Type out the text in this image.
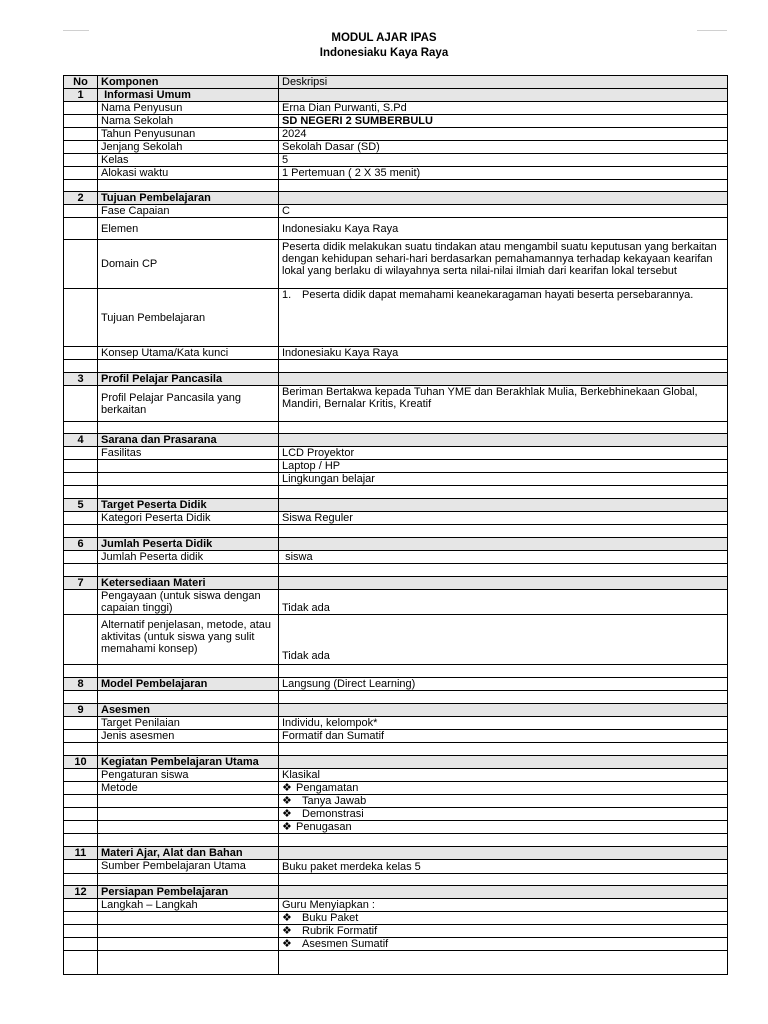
MODUL AJAR IPAS
Indonesiaku Kaya Raya
No	Komponen	Deskripsi
1	Informasi Umum	
	Nama Penyusun	Erna Dian Purwanti, S.Pd
	Nama Sekolah	SD NEGERI 2 SUMBERBULU
	Tahun Penyusunan	2024
	Jenjang Sekolah	Sekolah Dasar (SD)
	Kelas	5
	Alokasi waktu	1 Pertemuan ( 2 X 35 menit)

2	Tujuan Pembelajaran	
	Fase Capaian	C
	Elemen	Indonesiaku Kaya Raya
	Domain CP	Peserta didik melakukan suatu tindakan atau mengambil suatu keputusan yang berkaitan dengan kehidupan sehari-hari berdasarkan pemahamannya terhadap kekayaan kearifan lokal yang berlaku di wilayahnya serta nilai-nilai ilmiah dari kearifan lokal tersebut
	Tujuan Pembelajaran	1. Peserta didik dapat memahami keanekaragaman hayati beserta persebarannya.
	Konsep Utama/Kata kunci	Indonesiaku Kaya Raya

3	Profil Pelajar Pancasila	
	Profil Pelajar Pancasila yang berkaitan	Beriman Bertakwa kepada Tuhan YME dan Berakhlak Mulia, Berkebhinekaan Global, Mandiri, Bernalar Kritis, Kreatif

4	Sarana dan Prasarana	
	Fasilitas	LCD Proyektor
		Laptop / HP
		Lingkungan belajar

5	Target Peserta Didik	
	Kategori Peserta Didik	Siswa Reguler

6	Jumlah Peserta Didik	
	Jumlah Peserta didik	siswa

7	Ketersediaan Materi	
	Pengayaan (untuk siswa dengan capaian tinggi)	Tidak ada
	Alternatif penjelasan, metode, atau aktivitas (untuk siswa yang sulit memahami konsep)	Tidak ada

8	Model Pembelajaran	Langsung (Direct Learning)

9	Asesmen	
	Target Penilaian	Individu, kelompok*
	Jenis asesmen	Formatif dan Sumatif

10	Kegiatan Pembelajaran Utama	
	Pengaturan siswa	Klasikal
	Metode	❖ Pengamatan
		❖ Tanya Jawab
		❖ Demonstrasi
		❖ Penugasan

11	Materi Ajar, Alat dan Bahan	
	Sumber Pembelajaran Utama	Buku paket merdeka kelas 5

12	Persiapan Pembelajaran	
	Langkah – Langkah	Guru Menyiapkan :
		❖ Buku Paket
		❖ Rubrik Formatif
		❖ Asesmen Sumatif
